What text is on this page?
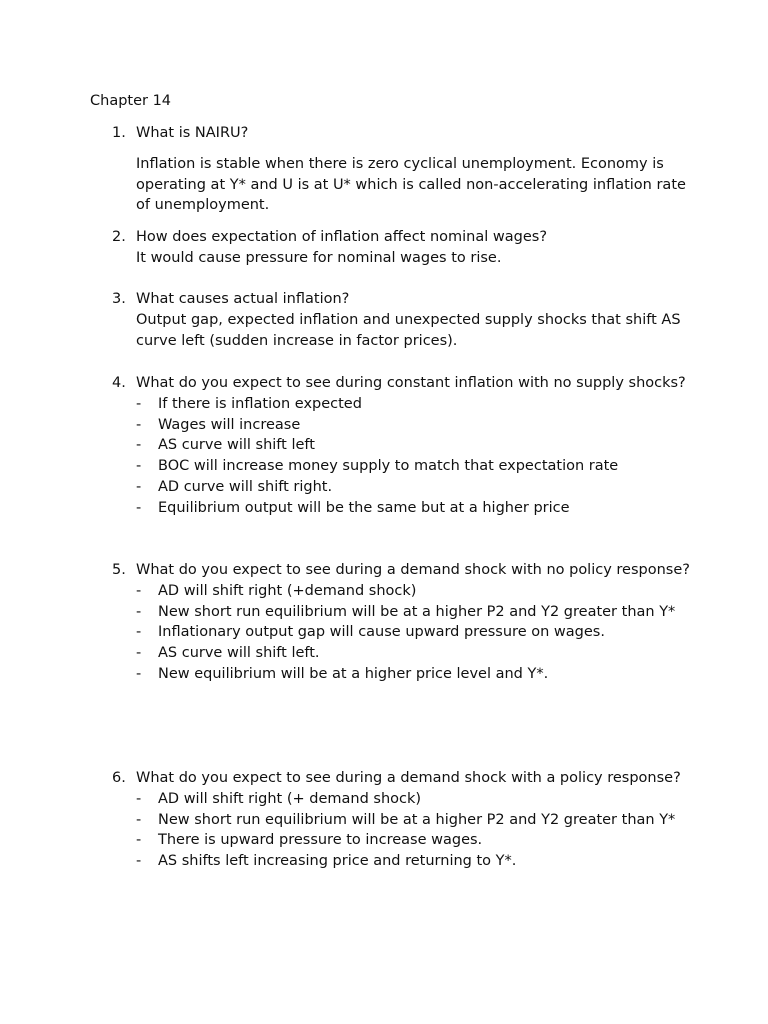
Chapter 14
1. What is NAIRU?
Inflation is stable when there is zero cyclical unemployment. Economy is operating at Y* and U is at U* which is called non-accelerating inflation rate of unemployment.
2. How does expectation of inflation affect nominal wages?
It would cause pressure for nominal wages to rise.
3. What causes actual inflation?
Output gap, expected inflation and unexpected supply shocks that shift AS curve left (sudden increase in factor prices).
4. What do you expect to see during constant inflation with no supply shocks?
-	If there is inflation expected
-	Wages will increase
-	AS curve will shift left
-	BOC will increase money supply to match that expectation rate
-	AD curve will shift right.
-	Equilibrium output will be the same but at a higher price
5. What do you expect to see during a demand shock with no policy response?
-	AD will shift right (+demand shock)
-	New short run equilibrium will be at a higher P2 and Y2 greater than Y*
-	Inflationary output gap will cause upward pressure on wages.
-	AS curve will shift left.
-	New equilibrium will be at a higher price level and Y*.
6. What do you expect to see during a demand shock with a policy response?
-	AD will shift right (+ demand shock)
-	New short run equilibrium will be at a higher P2 and Y2 greater than Y*
-	There is upward pressure to increase wages.
-	AS shifts left increasing price and returning to Y*.
